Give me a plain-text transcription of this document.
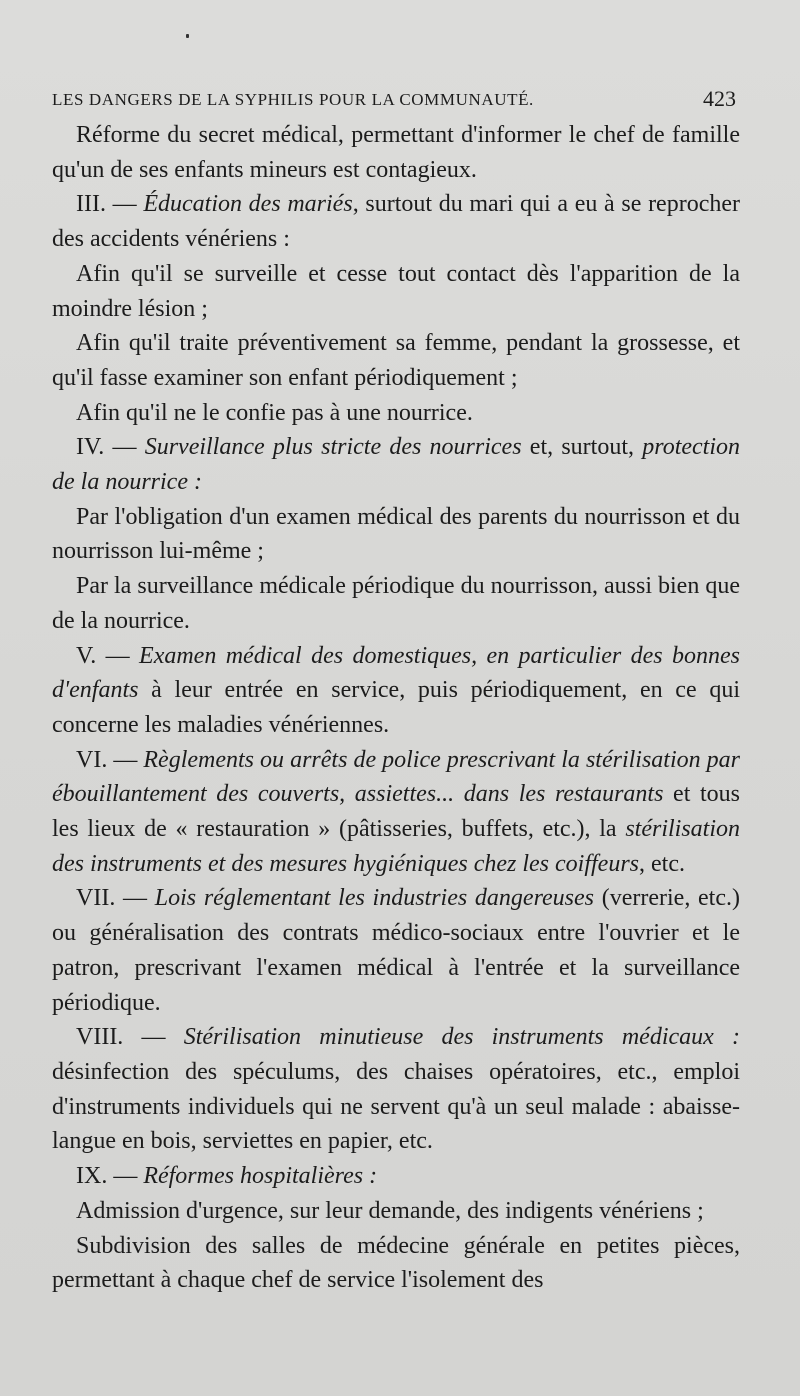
LES DANGERS DE LA SYPHILIS POUR LA COMMUNAUTÉ.	423

Réforme du secret médical, permettant d'informer le chef de famille qu'un de ses enfants mineurs est contagieux.

III. — Éducation des mariés, surtout du mari qui a eu à se reprocher des accidents vénériens :

Afin qu'il se surveille et cesse tout contact dès l'apparition de la moindre lésion ;

Afin qu'il traite préventivement sa femme, pendant la grossesse, et qu'il fasse examiner son enfant périodiquement ;

Afin qu'il ne le confie pas à une nourrice.

IV. — Surveillance plus stricte des nourrices et, surtout, protection de la nourrice :

Par l'obligation d'un examen médical des parents du nourrisson et du nourrisson lui-même ;

Par la surveillance médicale périodique du nourrisson, aussi bien que de la nourrice.

V. — Examen médical des domestiques, en particulier des bonnes d'enfants à leur entrée en service, puis périodiquement, en ce qui concerne les maladies vénériennes.

VI. — Règlements ou arrêts de police prescrivant la stérilisation par ébouillantement des couverts, assiettes... dans les restaurants et tous les lieux de « restauration » (pâtisseries, buffets, etc.), la stérilisation des instruments et des mesures hygiéniques chez les coiffeurs, etc.

VII. — Lois réglementant les industries dangereuses (verrerie, etc.) ou généralisation des contrats médico-sociaux entre l'ouvrier et le patron, prescrivant l'examen médical à l'entrée et la surveillance périodique.

VIII. — Stérilisation minutieuse des instruments médicaux : désinfection des spéculums, des chaises opératoires, etc., emploi d'instruments individuels qui ne servent qu'à un seul malade : abaisse-langue en bois, serviettes en papier, etc.

IX. — Réformes hospitalières :

Admission d'urgence, sur leur demande, des indigents vénériens ;

Subdivision des salles de médecine générale en petites pièces, permettant à chaque chef de service l'isolement des
